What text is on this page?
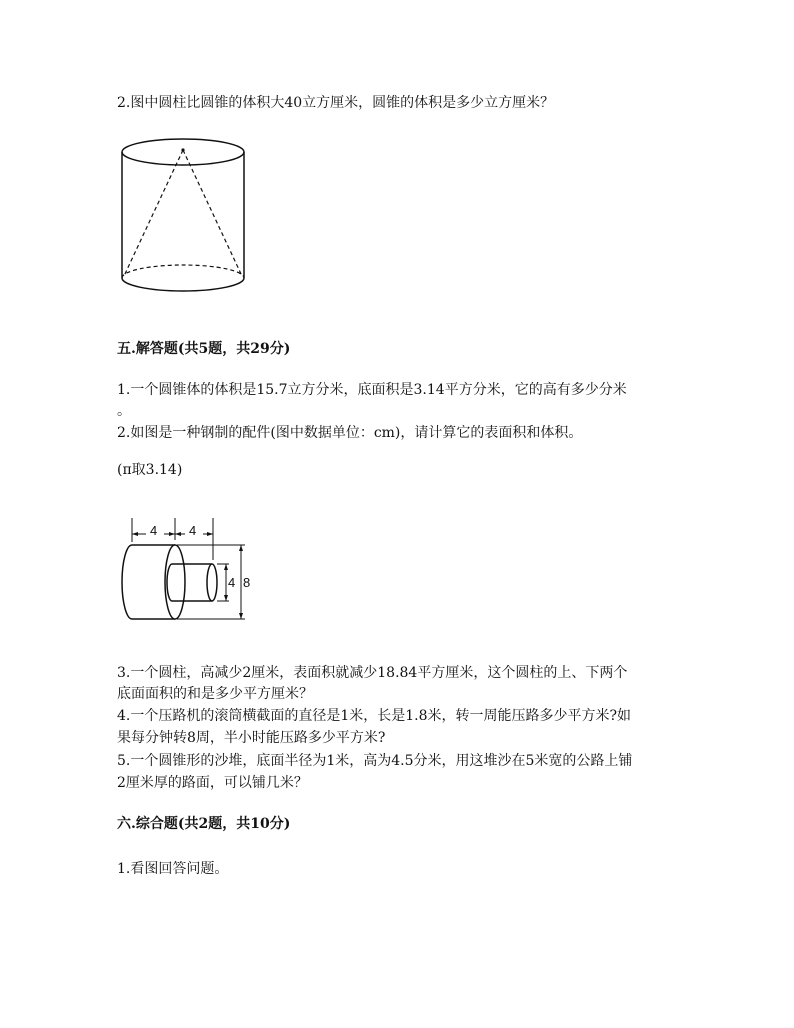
2.图中圆柱比圆锥的体积大40立方厘米，圆锥的体积是多少立方厘米？
五.解答题(共5题，共29分)
1.一个圆锥体的体积是15.7立方分米，底面积是3.14平方分米，它的高有多少分米
。
2.如图是一种钢制的配件(图中数据单位：cm)，请计算它的表面积和体积。
(π取3.14)
4 4
4 8
3.一个圆柱，高减少2厘米，表面积就减少18.84平方厘米，这个圆柱的上、下两个
底面面积的和是多少平方厘米？
4.一个压路机的滚筒横截面的直径是1米，长是1.8米，转一周能压路多少平方米?如
果每分钟转8周，半小时能压路多少平方米?
5.一个圆锥形的沙堆，底面半径为1米，高为4.5分米，用这堆沙在5米宽的公路上铺
2厘米厚的路面，可以铺几米？
六.综合题(共2题，共10分)
1.看图回答问题。
